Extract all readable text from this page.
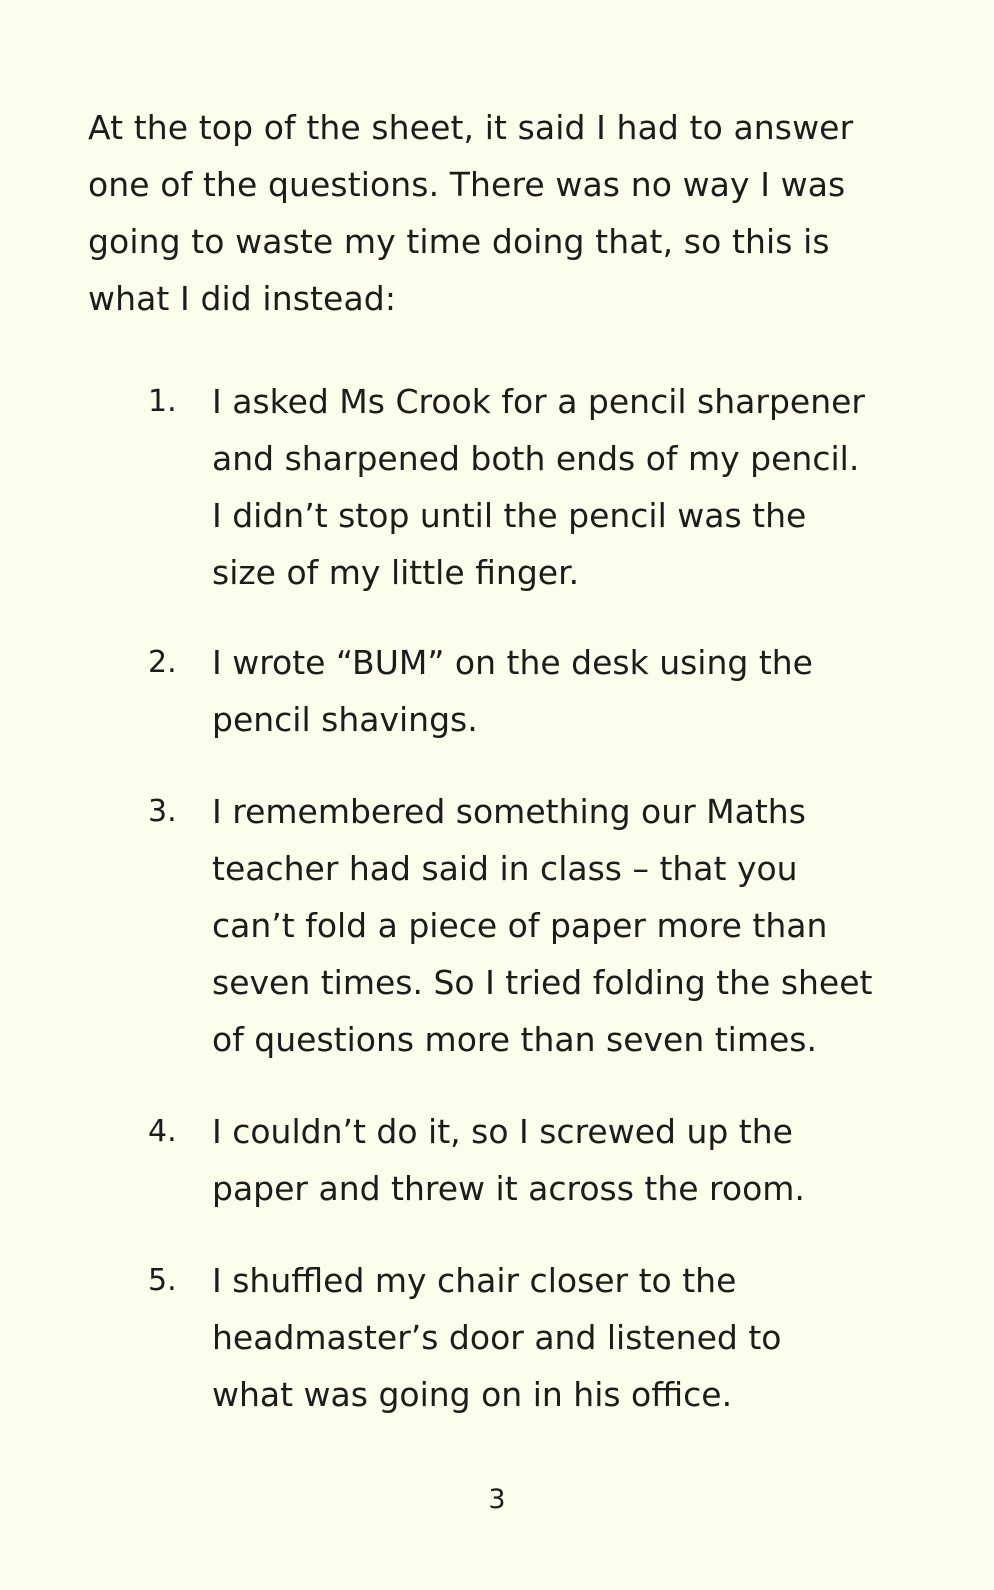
At the top of the sheet, it said I had to answer
one of the questions. There was no way I was
going to waste my time doing that, so this is
what I did instead:

1. I asked Ms Crook for a pencil sharpener
and sharpened both ends of my pencil.
I didn’t stop until the pencil was the
size of my little finger.
2. I wrote “BUM” on the desk using the
pencil shavings.
3. I remembered something our Maths
teacher had said in class – that you
can’t fold a piece of paper more than
seven times. So I tried folding the sheet
of questions more than seven times.
4. I couldn’t do it, so I screwed up the
paper and threw it across the room.
5. I shuffled my chair closer to the
headmaster’s door and listened to
what was going on in his office.
3
